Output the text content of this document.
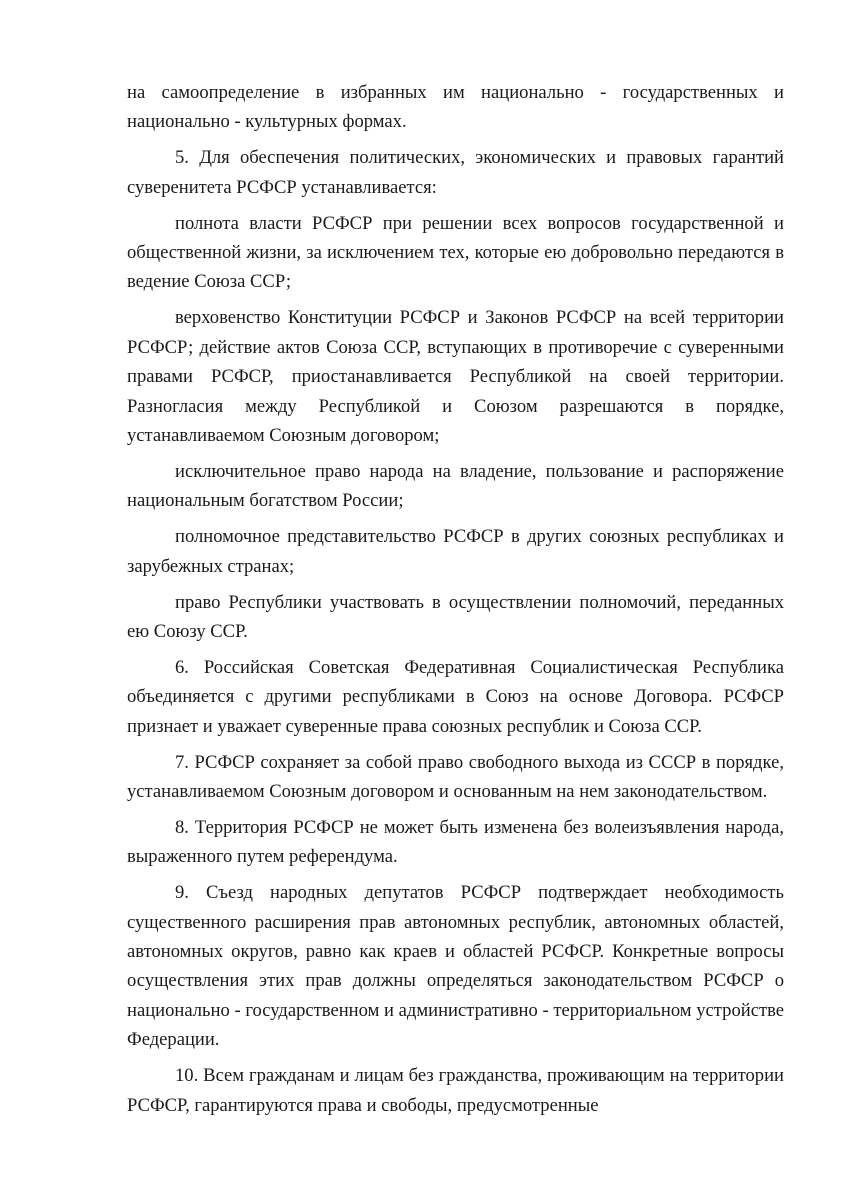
на самоопределение в избранных им национально - государственных и национально - культурных формах.

5. Для обеспечения политических, экономических и правовых гарантий суверенитета РСФСР устанавливается:

полнота власти РСФСР при решении всех вопросов государственной и общественной жизни, за исключением тех, которые ею добровольно передаются в ведение Союза ССР;

верховенство Конституции РСФСР и Законов РСФСР на всей территории РСФСР; действие актов Союза ССР, вступающих в противоречие с суверенными правами РСФСР, приостанавливается Республикой на своей территории. Разногласия между Республикой и Союзом разрешаются в порядке, устанавливаемом Союзным договором;

исключительное право народа на владение, пользование и распоряжение национальным богатством России;

полномочное представительство РСФСР в других союзных республиках и зарубежных странах;

право Республики участвовать в осуществлении полномочий, переданных ею Союзу ССР.

6. Российская Советская Федеративная Социалистическая Республика объединяется с другими республиками в Союз на основе Договора. РСФСР признает и уважает суверенные права союзных республик и Союза ССР.

7. РСФСР сохраняет за собой право свободного выхода из СССР в порядке, устанавливаемом Союзным договором и основанным на нем законодательством.

8. Территория РСФСР не может быть изменена без волеизъявления народа, выраженного путем референдума.

9. Съезд народных депутатов РСФСР подтверждает необходимость существенного расширения прав автономных республик, автономных областей, автономных округов, равно как краев и областей РСФСР. Конкретные вопросы осуществления этих прав должны определяться законодательством РСФСР о национально - государственном и административно - территориальном устройстве Федерации.

10. Всем гражданам и лицам без гражданства, проживающим на территории РСФСР, гарантируются права и свободы, предусмотренные
